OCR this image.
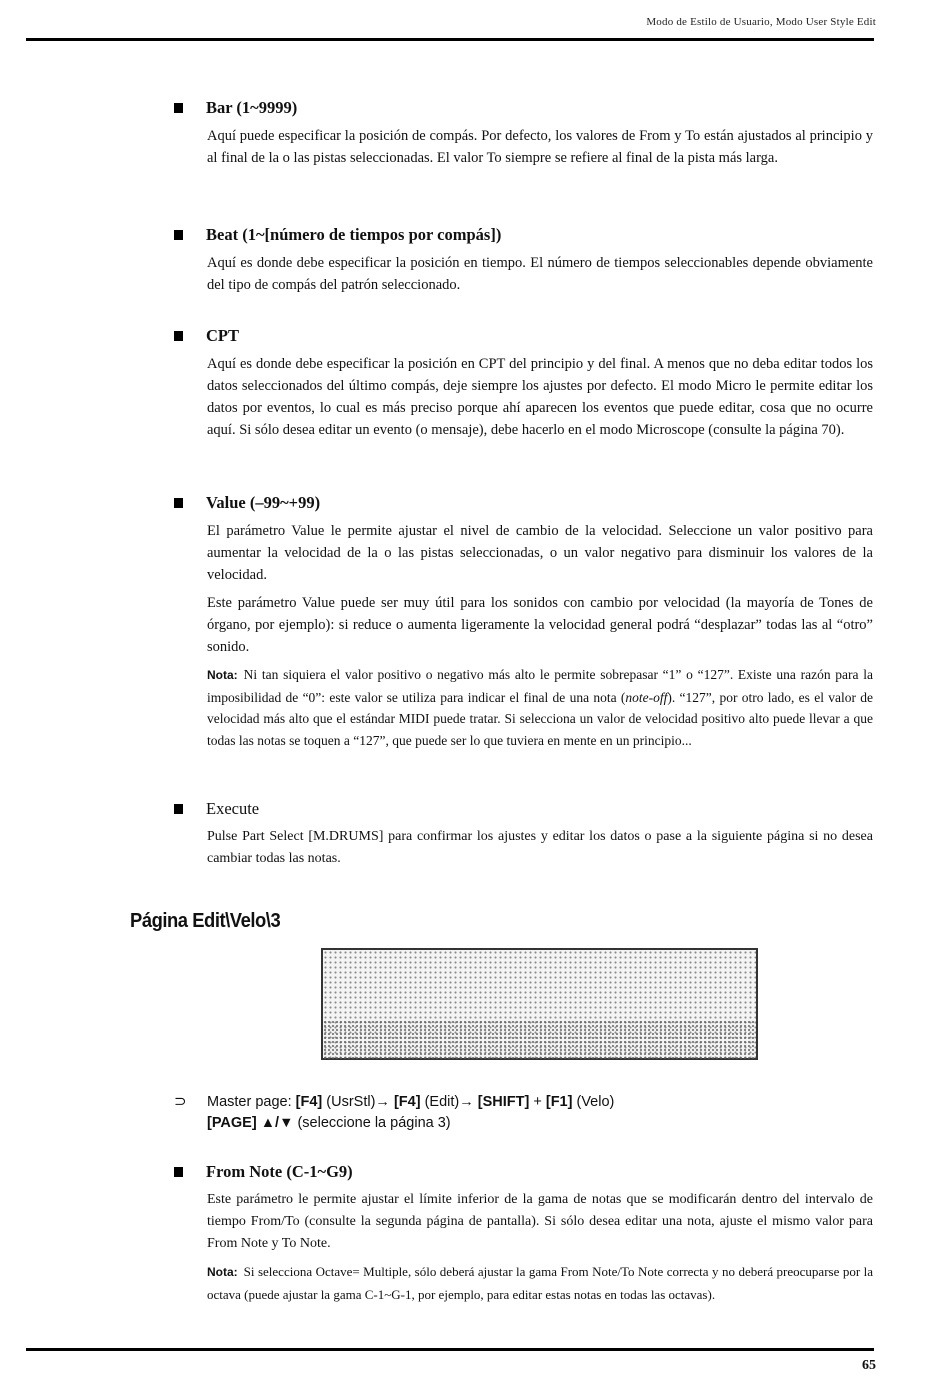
Modo de Estilo de Usuario, Modo User Style Edit
Bar (1~9999)
Aquí puede especificar la posición de compás. Por defecto, los valores de From y To están ajustados al principio y al final de la o las pistas seleccionadas. El valor To siempre se refiere al final de la pista más larga.
Beat (1~[número de tiempos por compás])
Aquí es donde debe especificar la posición en tiempo. El número de tiempos seleccionables depende obviamente del tipo de compás del patrón seleccionado.
CPT
Aquí es donde debe especificar la posición en CPT del principio y del final. A menos que no deba editar todos los datos seleccionados del último compás, deje siempre los ajustes por defecto. El modo Micro le permite editar los datos por eventos, lo cual es más preciso porque ahí aparecen los eventos que puede editar, cosa que no ocurre aquí. Si sólo desea editar un evento (o mensaje), debe hacerlo en el modo Microscope (consulte la página 70).
Value (–99~+99)
El parámetro Value le permite ajustar el nivel de cambio de la velocidad. Seleccione un valor positivo para aumentar la velocidad de la o las pistas seleccionadas, o un valor negativo para disminuir los valores de la velocidad.
Este parámetro Value puede ser muy útil para los sonidos con cambio por velocidad (la mayoría de Tones de órgano, por ejemplo): si reduce o aumenta ligeramente la velocidad general podrá “desplazar” todas las al “otro” sonido.
Nota: Ni tan siquiera el valor positivo o negativo más alto le permite sobrepasar “1” o “127”. Existe una razón para la imposibilidad de “0”: este valor se utiliza para indicar el final de una nota (note-off). “127”, por otro lado, es el valor de velocidad más alto que el estándar MIDI puede tratar. Si selecciona un valor de velocidad positivo alto puede llevar a que todas las notas se toquen a “127”, que puede ser lo que tuviera en mente en un principio...
Execute
Pulse Part Select [M.DRUMS] para confirmar los ajustes y editar los datos o pase a la siguiente página si no desea cambiar todas las notas.
Página Edit\Velo\3
⊃ Master page: [F4] (UsrStl)→ [F4] (Edit)→ [SHIFT] + [F1] (Velo)
[PAGE] ▲/▼ (seleccione la página 3)
From Note (C-1~G9)
Este parámetro le permite ajustar el límite inferior de la gama de notas que se modificarán dentro del intervalo de tiempo From/To (consulte la segunda página de pantalla). Si sólo desea editar una nota, ajuste el mismo valor para From Note y To Note.
Nota: Si selecciona Octave= Multiple, sólo deberá ajustar la gama From Note/To Note correcta y no deberá preocuparse por la octava (puede ajustar la gama C-1~G-1, por ejemplo, para editar estas notas en todas las octavas).
65
